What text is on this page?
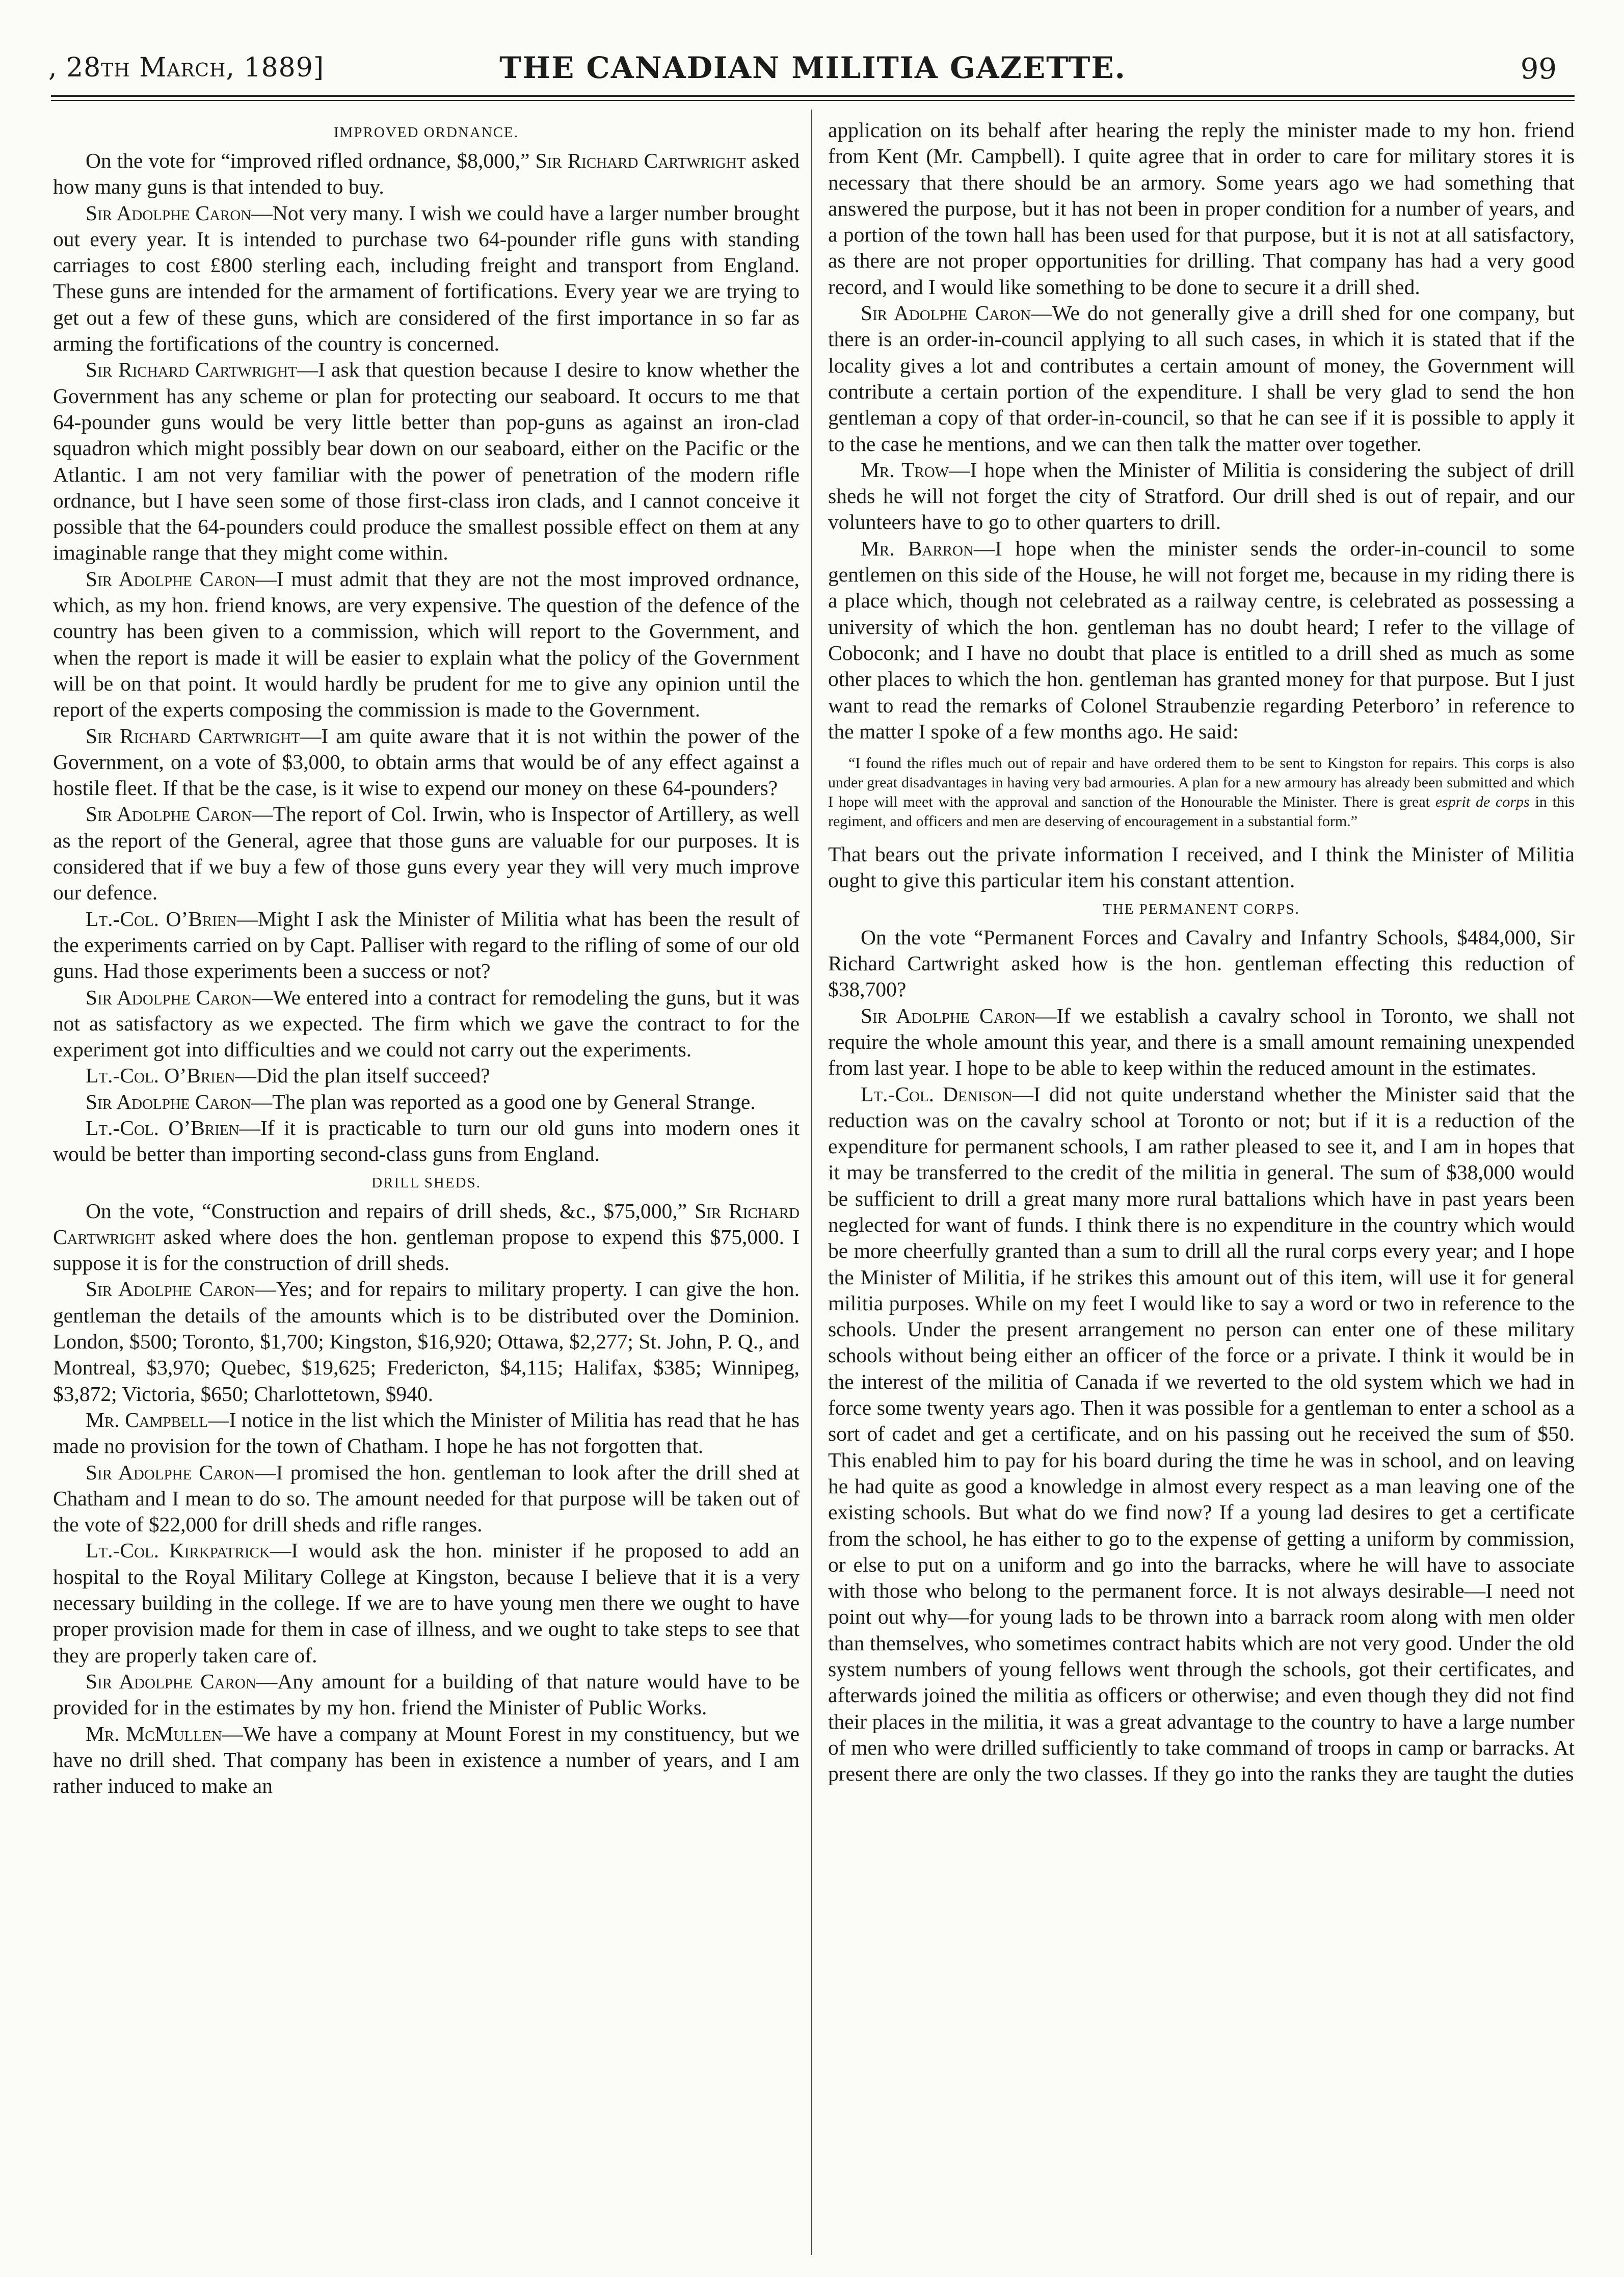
, 28th March, 1889]	THE CANADIAN MILITIA GAZETTE.	99
IMPROVED ORDNANCE.

On the vote for “improved rifled ordnance, $8,000,” Sir Richard Cartwright asked how many guns is that intended to buy.

Sir Adolphe Caron—Not very many. I wish we could have a larger number brought out every year. It is intended to purchase two 64-pounder rifle guns with standing carriages to cost £800 sterling each, including freight and transport from England. These guns are intended for the armament of fortifications. Every year we are trying to get out a few of these guns, which are considered of the first importance in so far as arming the fortifications of the country is concerned.

Sir Richard Cartwright—I ask that question because I desire to know whether the Government has any scheme or plan for protecting our seaboard. It occurs to me that 64-pounder guns would be very little better than pop-guns as against an iron-clad squadron which might possibly bear down on our seaboard, either on the Pacific or the Atlantic. I am not very familiar with the power of penetration of the modern rifle ordnance, but I have seen some of those first-class iron clads, and I cannot conceive it possible that the 64-pounders could produce the smallest possible effect on them at any imaginable range that they might come within.

Sir Adolphe Caron—I must admit that they are not the most improved ordnance, which, as my hon. friend knows, are very expensive. The question of the defence of the country has been given to a commission, which will report to the Government, and when the report is made it will be easier to explain what the policy of the Government will be on that point. It would hardly be prudent for me to give any opinion until the report of the experts composing the commission is made to the Government.

Sir Richard Cartwright—I am quite aware that it is not within the power of the Government, on a vote of $3,000, to obtain arms that would be of any effect against a hostile fleet. If that be the case, is it wise to expend our money on these 64-pounders?

Sir Adolphe Caron—The report of Col. Irwin, who is Inspector of Artillery, as well as the report of the General, agree that those guns are valuable for our purposes. It is considered that if we buy a few of those guns every year they will very much improve our defence.

Lt.-Col. O’Brien—Might I ask the Minister of Militia what has been the result of the experiments carried on by Capt. Palliser with regard to the rifling of some of our old guns. Had those experiments been a success or not?

Sir Adolphe Caron—We entered into a contract for remodeling the guns, but it was not as satisfactory as we expected. The firm which we gave the contract to for the experiment got into difficulties and we could not carry out the experiments.

Lt.-Col. O’Brien—Did the plan itself succeed?

Sir Adolphe Caron—The plan was reported as a good one by General Strange.

Lt.-Col. O’Brien—If it is practicable to turn our old guns into modern ones it would be better than importing second-class guns from England.

DRILL SHEDS.

On the vote, “Construction and repairs of drill sheds, &c., $75,000,” Sir Richard Cartwright asked where does the hon. gentleman propose to expend this $75,000. I suppose it is for the construction of drill sheds.

Sir Adolphe Caron—Yes; and for repairs to military property. I can give the hon. gentleman the details of the amounts which is to be distributed over the Dominion. London, $500; Toronto, $1,700; Kingston, $16,920; Ottawa, $2,277; St. John, P. Q., and Montreal, $3,970; Quebec, $19,625; Fredericton, $4,115; Halifax, $385; Winnipeg, $3,872; Victoria, $650; Charlottetown, $940.

Mr. Campbell—I notice in the list which the Minister of Militia has read that he has made no provision for the town of Chatham. I hope he has not forgotten that.

Sir Adolphe Caron—I promised the hon. gentleman to look after the drill shed at Chatham and I mean to do so. The amount needed for that purpose will be taken out of the vote of $22,000 for drill sheds and rifle ranges.

Lt.-Col. Kirkpatrick—I would ask the hon. minister if he proposed to add an hospital to the Royal Military College at Kingston, because I believe that it is a very necessary building in the college. If we are to have young men there we ought to have proper provision made for them in case of illness, and we ought to take steps to see that they are properly taken care of.

Sir Adolphe Caron—Any amount for a building of that nature would have to be provided for in the estimates by my hon. friend the Minister of Public Works.

Mr. McMullen—We have a company at Mount Forest in my constituency, but we have no drill shed. That company has been in existence a number of years, and I am rather induced to make an

application on its behalf after hearing the reply the minister made to my hon. friend from Kent (Mr. Campbell). I quite agree that in order to care for military stores it is necessary that there should be an armory. Some years ago we had something that answered the purpose, but it has not been in proper condition for a number of years, and a portion of the town hall has been used for that purpose, but it is not at all satisfactory, as there are not proper opportunities for drilling. That company has had a very good record, and I would like something to be done to secure it a drill shed.

Sir Adolphe Caron—We do not generally give a drill shed for one company, but there is an order-in-council applying to all such cases, in which it is stated that if the locality gives a lot and contributes a certain amount of money, the Government will contribute a certain portion of the expenditure. I shall be very glad to send the hon gentleman a copy of that order-in-council, so that he can see if it is possible to apply it to the case he mentions, and we can then talk the matter over together.

Mr. Trow—I hope when the Minister of Militia is considering the subject of drill sheds he will not forget the city of Stratford. Our drill shed is out of repair, and our volunteers have to go to other quarters to drill.

Mr. Barron—I hope when the minister sends the order-in-council to some gentlemen on this side of the House, he will not forget me, because in my riding there is a place which, though not celebrated as a railway centre, is celebrated as possessing a university of which the hon. gentleman has no doubt heard; I refer to the village of Coboconk; and I have no doubt that place is entitled to a drill shed as much as some other places to which the hon. gentleman has granted money for that purpose. But I just want to read the remarks of Colonel Straubenzie regarding Peterboro’ in reference to the matter I spoke of a few months ago. He said:

“I found the rifles much out of repair and have ordered them to be sent to Kingston for repairs. This corps is also under great disadvantages in having very bad armouries. A plan for a new armoury has already been submitted and which I hope will meet with the approval and sanction of the Honourable the Minister. There is great esprit de corps in this regiment, and officers and men are deserving of encouragement in a substantial form.”

That bears out the private information I received, and I think the Minister of Militia ought to give this particular item his constant attention.

THE PERMANENT CORPS.

On the vote “Permanent Forces and Cavalry and Infantry Schools, $484,000, Sir Richard Cartwright asked how is the hon. gentleman effecting this reduction of $38,700?

Sir Adolphe Caron—If we establish a cavalry school in Toronto, we shall not require the whole amount this year, and there is a small amount remaining unexpended from last year. I hope to be able to keep within the reduced amount in the estimates.

Lt.-Col. Denison—I did not quite understand whether the Minister said that the reduction was on the cavalry school at Toronto or not; but if it is a reduction of the expenditure for permanent schools, I am rather pleased to see it, and I am in hopes that it may be transferred to the credit of the militia in general. The sum of $38,000 would be sufficient to drill a great many more rural battalions which have in past years been neglected for want of funds. I think there is no expenditure in the country which would be more cheerfully granted than a sum to drill all the rural corps every year; and I hope the Minister of Militia, if he strikes this amount out of this item, will use it for general militia purposes. While on my feet I would like to say a word or two in reference to the schools. Under the present arrangement no person can enter one of these military schools without being either an officer of the force or a private. I think it would be in the interest of the militia of Canada if we reverted to the old system which we had in force some twenty years ago. Then it was possible for a gentleman to enter a school as a sort of cadet and get a certificate, and on his passing out he received the sum of $50. This enabled him to pay for his board during the time he was in school, and on leaving he had quite as good a knowledge in almost every respect as a man leaving one of the existing schools. But what do we find now? If a young lad desires to get a certificate from the school, he has either to go to the expense of getting a uniform by commission, or else to put on a uniform and go into the barracks, where he will have to associate with those who belong to the permanent force. It is not always desirable—I need not point out why—for young lads to be thrown into a barrack room along with men older than themselves, who sometimes contract habits which are not very good. Under the old system numbers of young fellows went through the schools, got their certificates, and afterwards joined the militia as officers or otherwise; and even though they did not find their places in the militia, it was a great advantage to the country to have a large number of men who were drilled sufficiently to take command of troops in camp or barracks. At present there are only the two classes. If they go into the ranks they are taught the duties
